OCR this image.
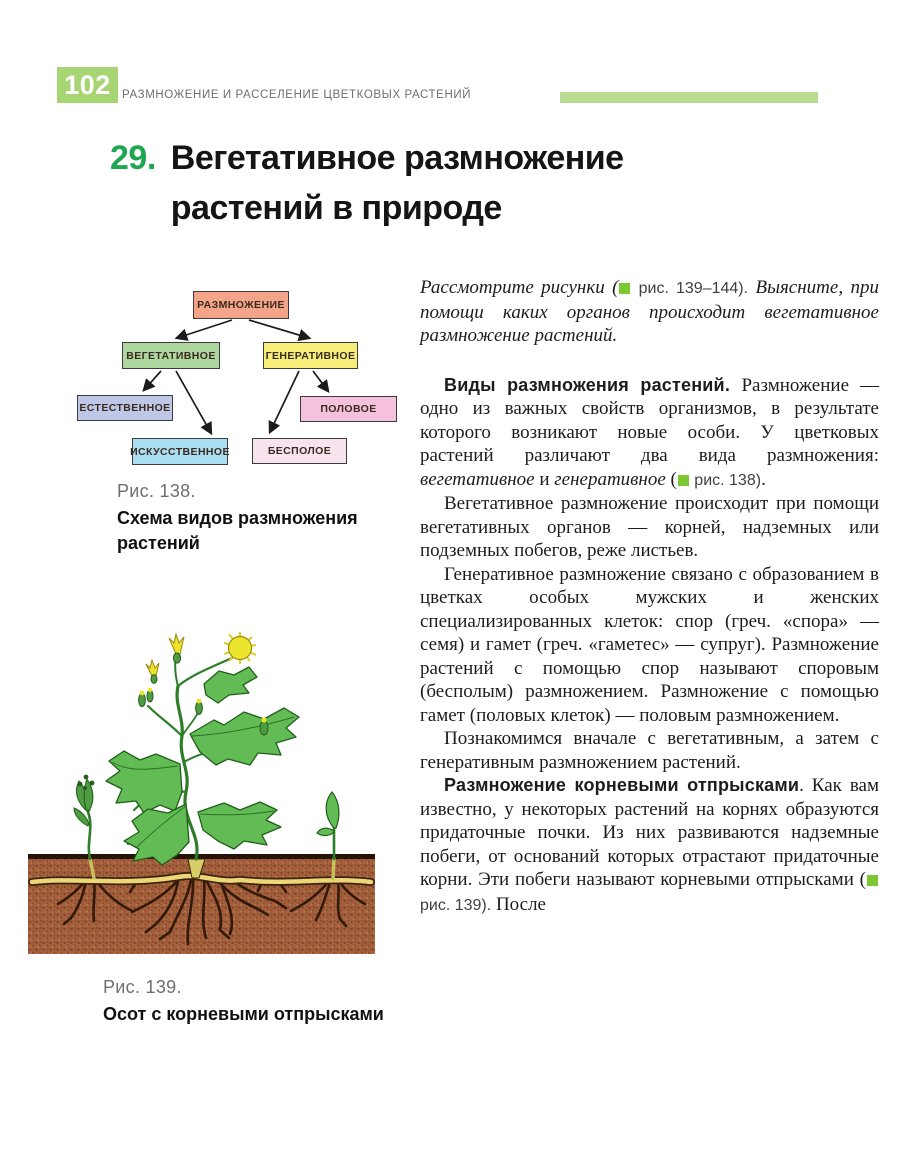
102 РАЗМНОЖЕНИЕ И РАССЕЛЕНИЕ ЦВЕТКОВЫХ РАСТЕНИЙ
29. Вегетативное размножение
растений в природе
РАЗМНОЖЕНИЕ
ВЕГЕТАТИВНОЕ	ГЕНЕРАТИВНОЕ
ЕСТЕСТВЕННОЕ	ПОЛОВОЕ
ИСКУССТВЕННОЕ	БЕСПОЛОЕ

Рис. 138.

Схема видов размножения растений

Рис. 139.

Осот с корневыми отпрысками

Рассмотрите рисунки ( рис. 139–144). Выясните, при помощи каких органов происходит вегетативное размножение растений.

Виды размножения растений. Размножение — одно из важных свойств организмов, в результате которого возникают новые особи. У цветковых растений различают два вида размножения: вегетативное и генеративное ( рис. 138).

Вегетативное размножение происходит при помощи вегетативных органов — корней, надземных или подземных побегов, реже листьев.

Генеративное размножение связано с образованием в цветках особых мужских и женских специализированных клеток: спор (греч. «спора» — семя) и гамет (греч. «гаметес» — супруг). Размножение растений с помощью спор называют споровым (бесполым) размножением. Размножение с помощью гамет (половых клеток) — половым размножением.

Познакомимся вначале с вегетативным, а затем с генеративным размножением растений.

Размножение корневыми отпрысками. Как вам известно, у некоторых растений на корнях образуются придаточные почки. Из них развиваются надземные побеги, от оснований которых отрастают придаточные корни. Эти побеги называют корневыми отпрысками ( рис. 139). После
